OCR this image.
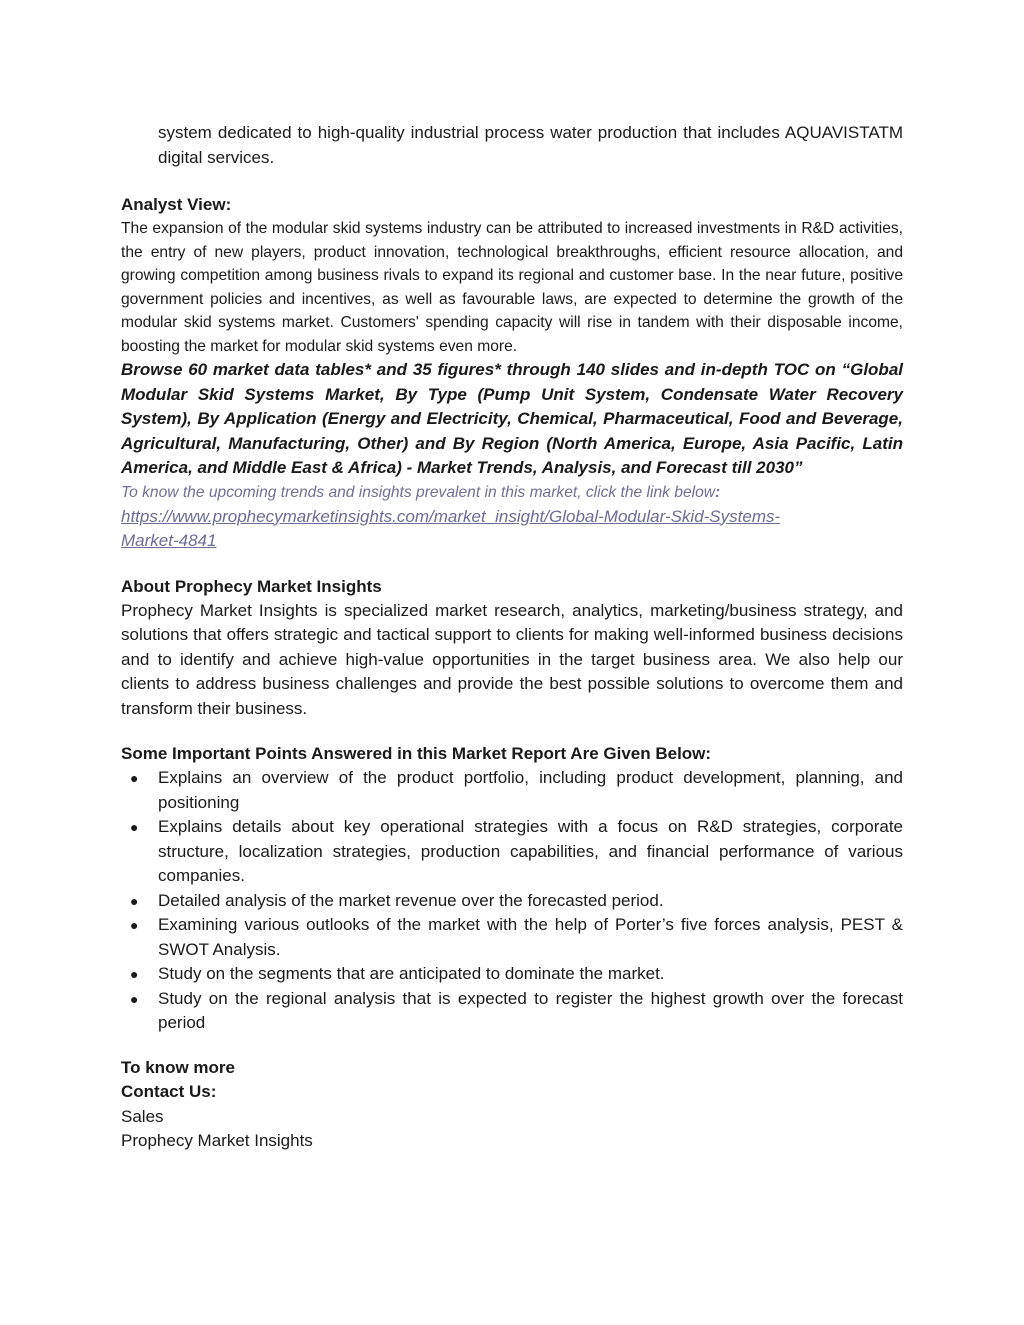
system dedicated to high-quality industrial process water production that includes AQUAVISTATM digital services.

Analyst View:

The expansion of the modular skid systems industry can be attributed to increased investments in R&D activities, the entry of new players, product innovation, technological breakthroughs, efficient resource allocation, and growing competition among business rivals to expand its regional and customer base. In the near future, positive government policies and incentives, as well as favourable laws, are expected to determine the growth of the modular skid systems market. Customers' spending capacity will rise in tandem with their disposable income, boosting the market for modular skid systems even more.

Browse 60 market data tables* and 35 figures* through 140 slides and in-depth TOC on “Global Modular Skid Systems Market, By Type (Pump Unit System, Condensate Water Recovery System), By Application (Energy and Electricity, Chemical, Pharmaceutical, Food and Beverage, Agricultural, Manufacturing, Other) and By Region (North America, Europe, Asia Pacific, Latin America, and Middle East & Africa) - Market Trends, Analysis, and Forecast till 2030”

To know the upcoming trends and insights prevalent in this market, click the link below:

https://www.prophecymarketinsights.com/market_insight/Global-Modular-Skid-Systems-
Market-4841
About Prophecy Market Insights

Prophecy Market Insights is specialized market research, analytics, marketing/business strategy, and solutions that offers strategic and tactical support to clients for making well-informed business decisions and to identify and achieve high-value opportunities in the target business area. We also help our clients to address business challenges and provide the best possible solutions to overcome them and transform their business.

Some Important Points Answered in this Market Report Are Given Below:
● Explains an overview of the product portfolio, including product development, planning, and positioning
● Explains details about key operational strategies with a focus on R&D strategies, corporate structure, localization strategies, production capabilities, and financial performance of various companies.
● Detailed analysis of the market revenue over the forecasted period.
● Examining various outlooks of the market with the help of Porter’s five forces analysis, PEST & SWOT Analysis.
● Study on the segments that are anticipated to dominate the market.
● Study on the regional analysis that is expected to register the highest growth over the forecast period

To know more

Contact Us:

Sales

Prophecy Market Insights
